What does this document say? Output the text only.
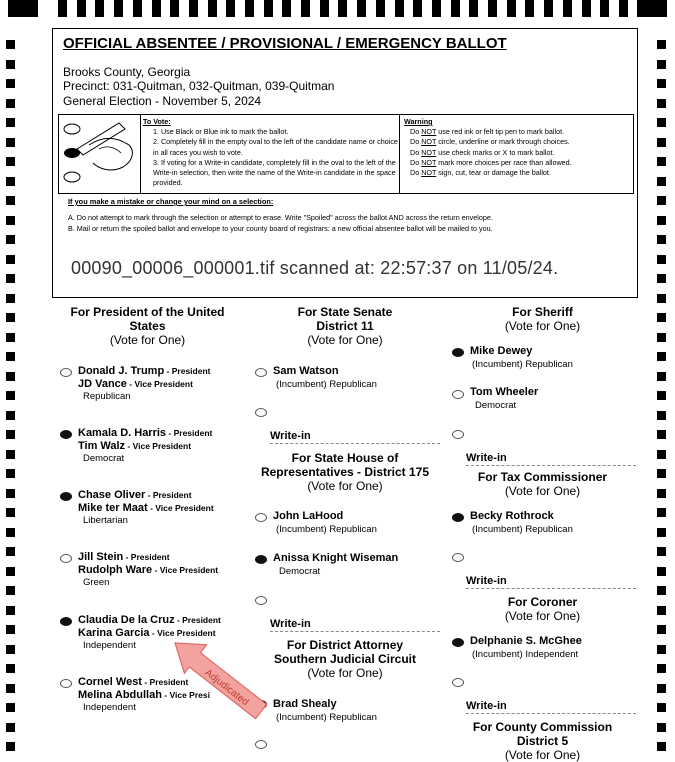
OFFICIAL ABSENTEE / PROVISIONAL / EMERGENCY BALLOT
Brooks County, Georgia
Precinct: 031-Quitman, 032-Quitman, 039-Quitman
General Election - November 5, 2024
To Vote:
1. Use Black or Blue ink to mark the ballot.
2. Completely fill in the empty oval to the left of the candidate name or choice in all races you wish to vote.
3. If voting for a Write-in candidate, completely fill in the oval to the left of the Write-in selection, then write the name of the Write-in candidate in the space provided.
Warning
Do NOT use red ink or felt tip pen to mark ballot.
Do NOT circle, underline or mark through choices.
Do NOT use check marks or X to mark ballot.
Do NOT mark more choices per race than allowed.
Do NOT sign, cut, tear or damage the ballot.
If you make a mistake or change your mind on a selection:
A. Do not attempt to mark through the selection or attempt to erase. Write "Spoiled" across the ballot AND across the return envelope.
B. Mail or return the spoiled ballot and envelope to your county board of registrars: a new official absentee ballot will be mailed to you.
00090_00006_000001.tif scanned at: 22:57:37 on 11/05/24.
For President of the United
States
(Vote for One)
Donald J. Trump - President
JD Vance - Vice President
Republican
Kamala D. Harris - President
Tim Walz - Vice President
Democrat
Chase Oliver - President
Mike ter Maat - Vice President
Libertarian
Jill Stein - President
Rudolph Ware - Vice President
Green
Claudia De la Cruz - President
Karina Garcia - Vice President
Independent
Cornel West - President
Melina Abdullah - Vice Presi
Independent
For State Senate
District 11
(Vote for One)
Sam Watson
(Incumbent) Republican
Write-in
For State House of
Representatives - District 175
(Vote for One)
John LaHood
(Incumbent) Republican
Anissa Knight Wiseman
Democrat
Write-in
For District Attorney
Southern Judicial Circuit
(Vote for One)
Brad Shealy
(Incumbent) Republican
For Sheriff
(Vote for One)
Mike Dewey
(Incumbent) Republican
Tom Wheeler
Democrat
Write-in
For Tax Commissioner
(Vote for One)
Becky Rothrock
(Incumbent) Republican
Write-in
For Coroner
(Vote for One)
Delphanie S. McGhee
(Incumbent) Independent
Write-in
For County Commission
District 5
(Vote for One)
Adjudicated
